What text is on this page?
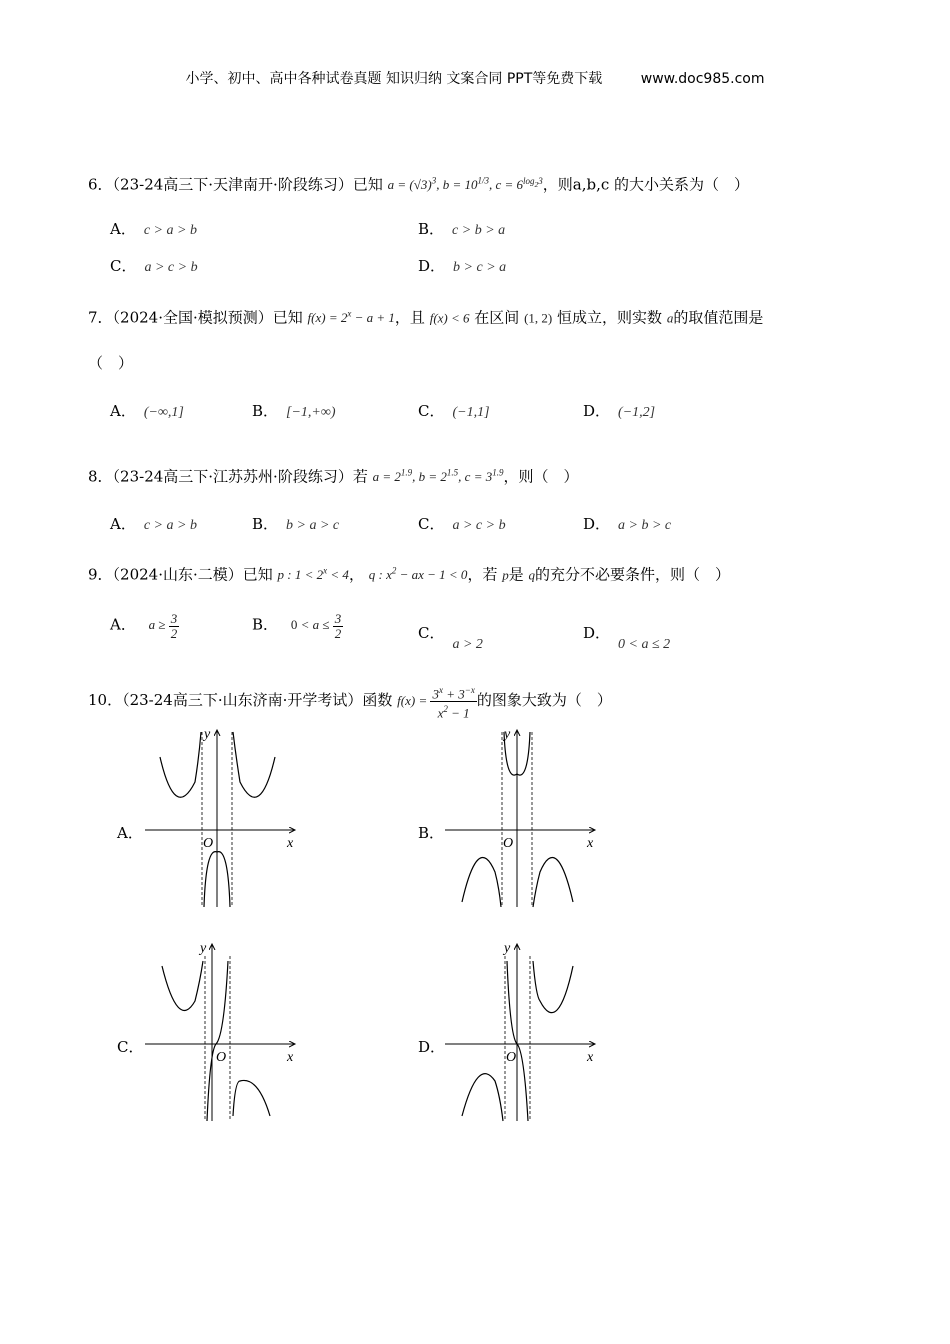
小学、初中、高中各种试卷真题 知识归纳 文案合同 PPT等免费下载	www.doc985.com
6．（23-24高三下·天津南开·阶段练习）已知 $a = (√3)^3$, $b = 10^{1/3}$, $c = 6^{log_23}$，则a,b,c 的大小关系为（　）
A． c > a > b	B． c > b > a
C． a > c > b	D． b > c > a
7．（2024·全国·模拟预测）已知 $f(x) = 2^x - a + 1$，且 f(x) < 6 在区间 (1, 2) 恒成立，则实数 a的取值范围是
（　）
A． (−∞,1]	B． [−1,+∞)	C． (−1,1]	D． (−1,2]
8．（23-24高三下·江苏苏州·阶段练习）若 $a = 2^{1.9}$, $b = 2^{1.5}$, $c = 3^{1.9}$，则（　）
A． c > a > b	B． b > a > c	C． a > c > b	D． a > b > c
9．（2024·山东·二模）已知 p : $1 < 2^x < 4$， q : $x^2$ − ax − 1 < 0，若 p是 q的充分不必要条件，则（　）
A． $a \ge \frac{3}{2}$	B． $0 < a \le \frac{3}{2}$	C．a > 2
D．0 < a ≤ 2
10．（23-24高三下·山东济南·开学考试）函数 $f(x) = \frac{3^x + 3^{-x}}{x^2 - 1}$ 的图象大致为（　）
A．	B．
C．	D．
O	x
y
O	x
y
O	x
y
O	x
y
